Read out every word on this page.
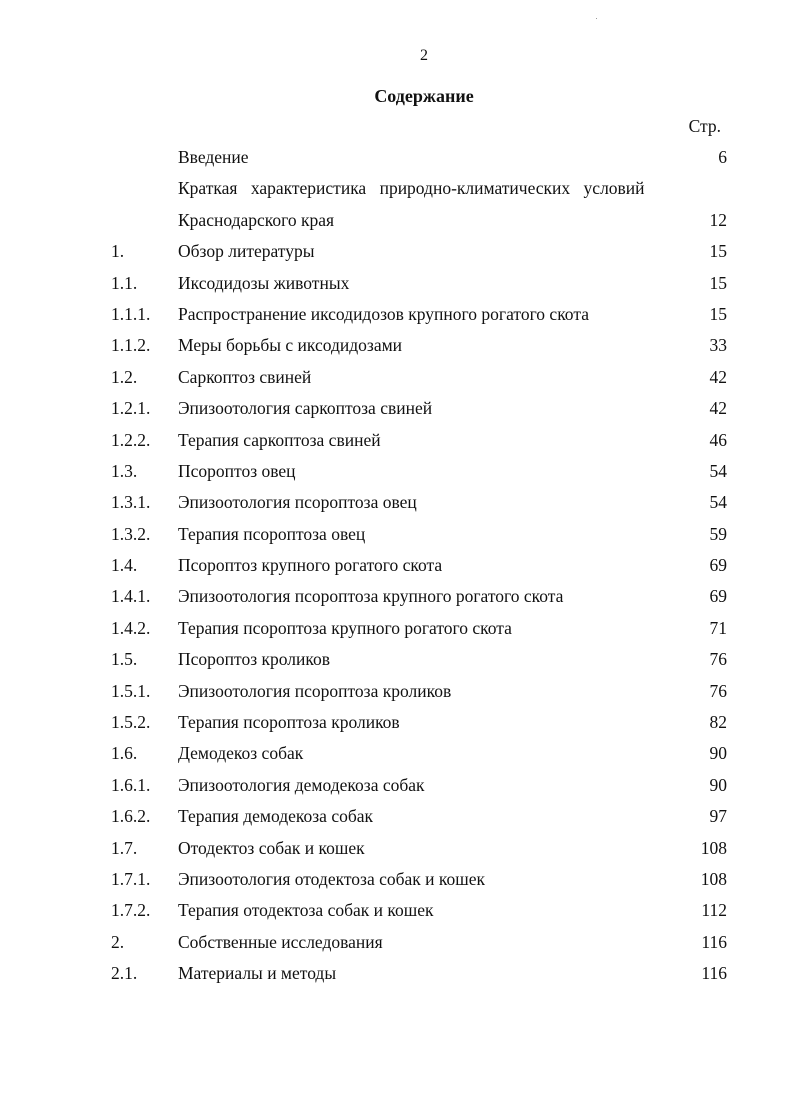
2
Содержание
Стр.
Введение	6
Краткая характеристика природно-климатических условий
Краснодарского края	12
1.	Обзор литературы	15
1.1. Иксодидозы животных	15
1.1.1. Распространение иксодидозов крупного рогатого скота	15
1.1.2. Меры борьбы с иксодидозами	33
1.2. Саркоптоз свиней	42
1.2.1. Эпизоотология саркоптоза свиней	42
1.2.2. Терапия саркоптоза свиней	46
1.3. Псороптоз овец	54
1.3.1. Эпизоотология псороптоза овец	54
1.3.2. Терапия псороптоза овец	59
1.4. Псороптоз крупного рогатого скота	69
1.4.1. Эпизоотология псороптоза крупного рогатого скота	69
1.4.2. Терапия псороптоза крупного рогатого скота	71
1.5. Псороптоз кроликов	76
1.5.1. Эпизоотология псороптоза кроликов	76
1.5.2. Терапия псороптоза кроликов	82
1.6. Демодекоз собак	90
1.6.1. Эпизоотология демодекоза собак	90
1.6.2. Терапия демодекоза собак	97
1.7. Отодектоз собак и кошек	108
1.7.1. Эпизоотология отодектоза собак и кошек	108
1.7.2. Терапия отодектоза собак и кошек	112
2.	Собственные исследования	116
2.1. Материалы и методы	116
